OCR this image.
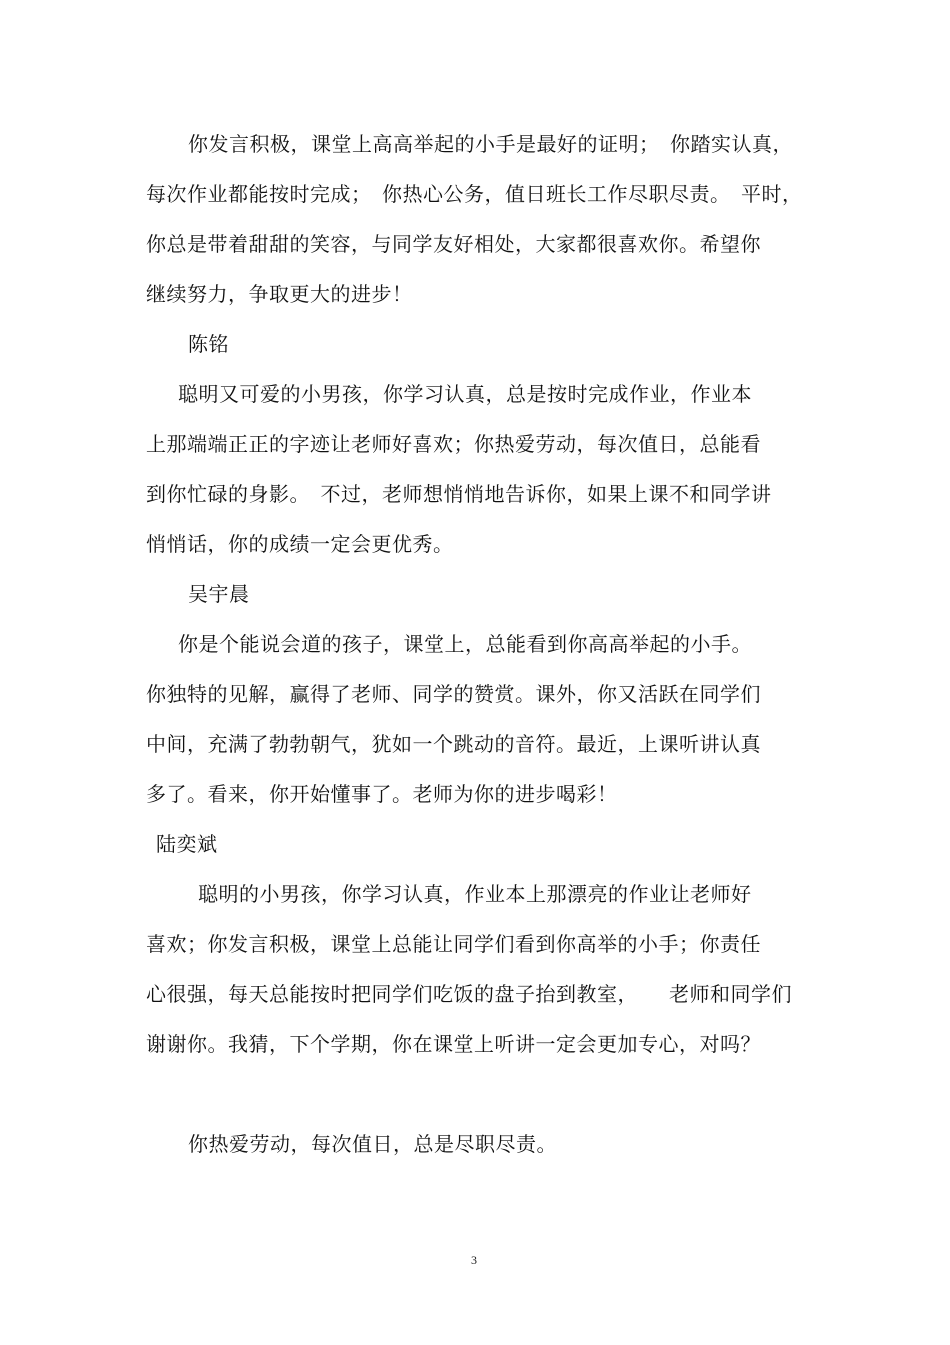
你发言积极，课堂上高高举起的小手是最好的证明；　你踏实认真，
每次作业都能按时完成；　你热心公务，值日班长工作尽职尽责。　平时，
你总是带着甜甜的笑容，与同学友好相处，大家都很喜欢你。希望你
继续努力，争取更大的进步！
陈铭
聪明又可爱的小男孩，你学习认真，总是按时完成作业，作业本
上那端端正正的字迹让老师好喜欢；你热爱劳动，每次值日，总能看
到你忙碌的身影。　不过，老师想悄悄地告诉你，如果上课不和同学讲
悄悄话，你的成绩一定会更优秀。
吴宇晨
你是个能说会道的孩子，课堂上，总能看到你高高举起的小手。
你独特的见解，赢得了老师、同学的赞赏。课外，你又活跃在同学们
中间，充满了勃勃朝气，犹如一个跳动的音符。最近，上课听讲认真
多了。看来，你开始懂事了。老师为你的进步喝彩！
陆奕斌
聪明的小男孩，你学习认真，作业本上那漂亮的作业让老师好
喜欢；你发言积极，课堂上总能让同学们看到你高举的小手；你责任
心很强，每天总能按时把同学们吃饭的盘子抬到教室，　　老师和同学们
谢谢你。我猜，下个学期，你在课堂上听讲一定会更加专心，对吗？
你热爱劳动，每次值日，总是尽职尽责。
3
